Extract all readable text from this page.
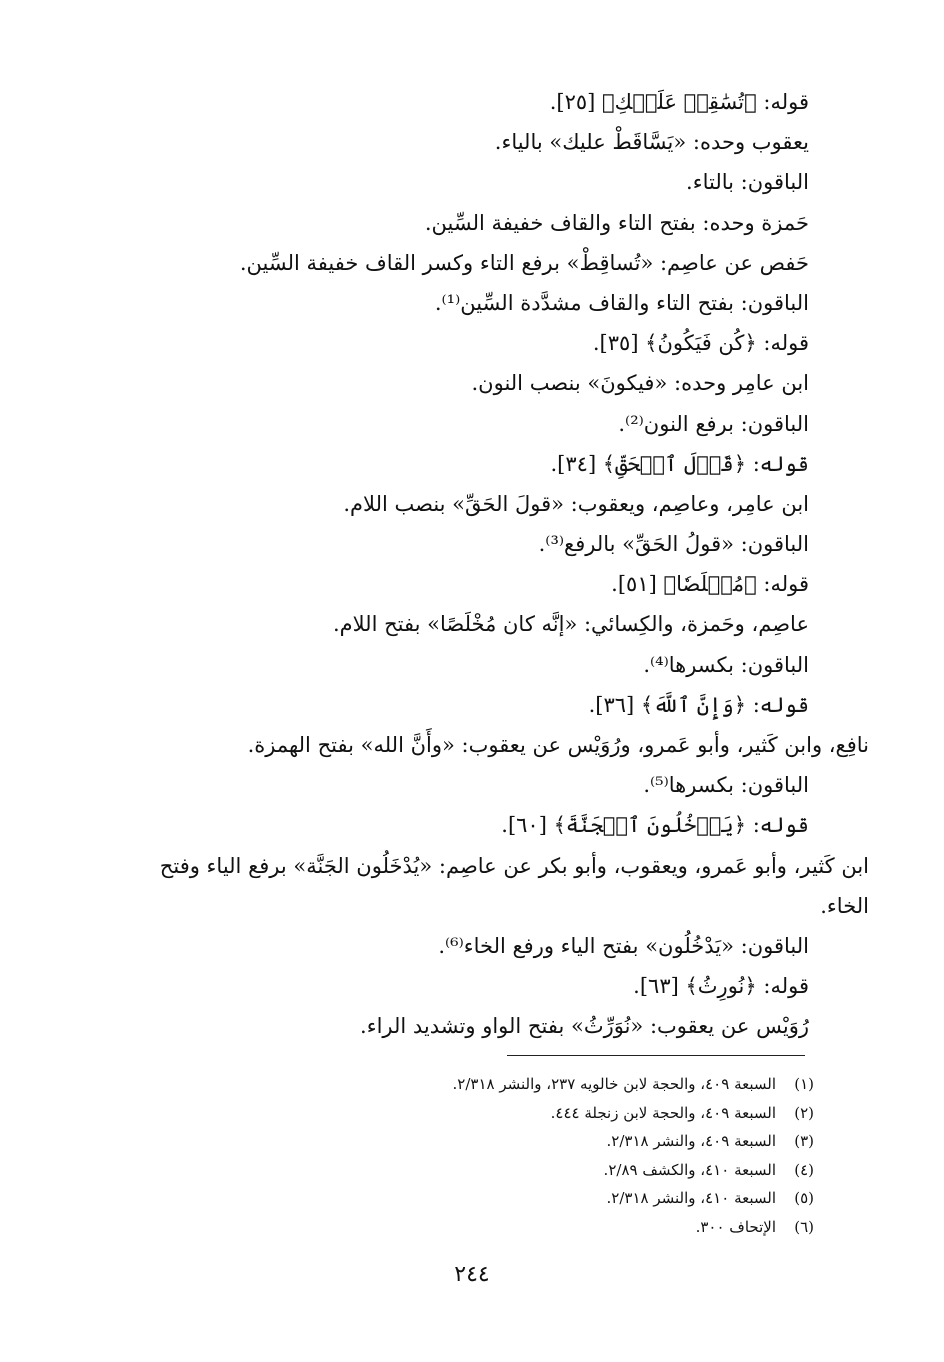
قوله: ﴿تُسَٰقِطۡ عَلَيۡكِ﴾ [٢٥].
يعقوب وحده: «يَسَّاقَطْ عليك» بالياء.
الباقون: بالتاء.
حَمزة وحده: بفتح التاء والقاف خفيفة السِّين.
حَفص عن عاصِم: «تُساقِطْ» برفع التاء وكسر القاف خفيفة السِّين.
الباقون: بفتح التاء والقاف مشدَّدة السِّين⁽¹⁾.
قوله: ﴿كُن فَيَكُونُ﴾ [٣٥].
ابن عامِر وحده: «فيكونَ» بنصب النون.
الباقون: برفع النون⁽²⁾.
قوله: ﴿قَوۡلَ ٱلۡحَقِّ﴾ [٣٤].
ابن عامِر، وعاصِم، ويعقوب: «قولَ الحَقِّ» بنصب اللام.
الباقون: «قولُ الحَقِّ» بالرفع⁽³⁾.
قوله: ﴿مُخۡلَصٗا﴾ [٥١].
عاصِم، وحَمزة، والكِسائي: «إنَّه كان مُخْلَصًا» بفتح اللام.
الباقون: بكسرها⁽⁴⁾.
قوله: ﴿وَإِنَّ ٱللَّهَ﴾ [٣٦].
نافِع، وابن كَثير، وأبو عَمرو، ورُوَيْس عن يعقوب: «وأَنَّ الله» بفتح الهمزة.
الباقون: بكسرها⁽⁵⁾.
قوله: ﴿يَدۡخُلُونَ ٱلۡجَنَّةَ﴾ [٦٠].
ابن كَثير، وأبو عَمرو، ويعقوب، وأبو بكر عن عاصِم: «يُدْخَلُون الجَنَّة» برفع الياء وفتح الخاء.
الباقون: «يَدْخُلُون» بفتح الياء ورفع الخاء⁽⁶⁾.
قوله: ﴿نُورِثُ﴾ [٦٣].
رُوَيْس عن يعقوب: «نُوَرِّثُ» بفتح الواو وتشديد الراء.
(١)السبعة ٤٠٩، والحجة لابن خالويه ٢٣٧، والنشر ٢/٣١٨.
(٢)السبعة ٤٠٩، والحجة لابن زنجلة ٤٤٤.
(٣)السبعة ٤٠٩، والنشر ٢/٣١٨.
(٤)السبعة ٤١٠، والكشف ٢/٨٩.
(٥)السبعة ٤١٠، والنشر ٢/٣١٨.
(٦)الإتحاف ٣٠٠.
٢٤٤
